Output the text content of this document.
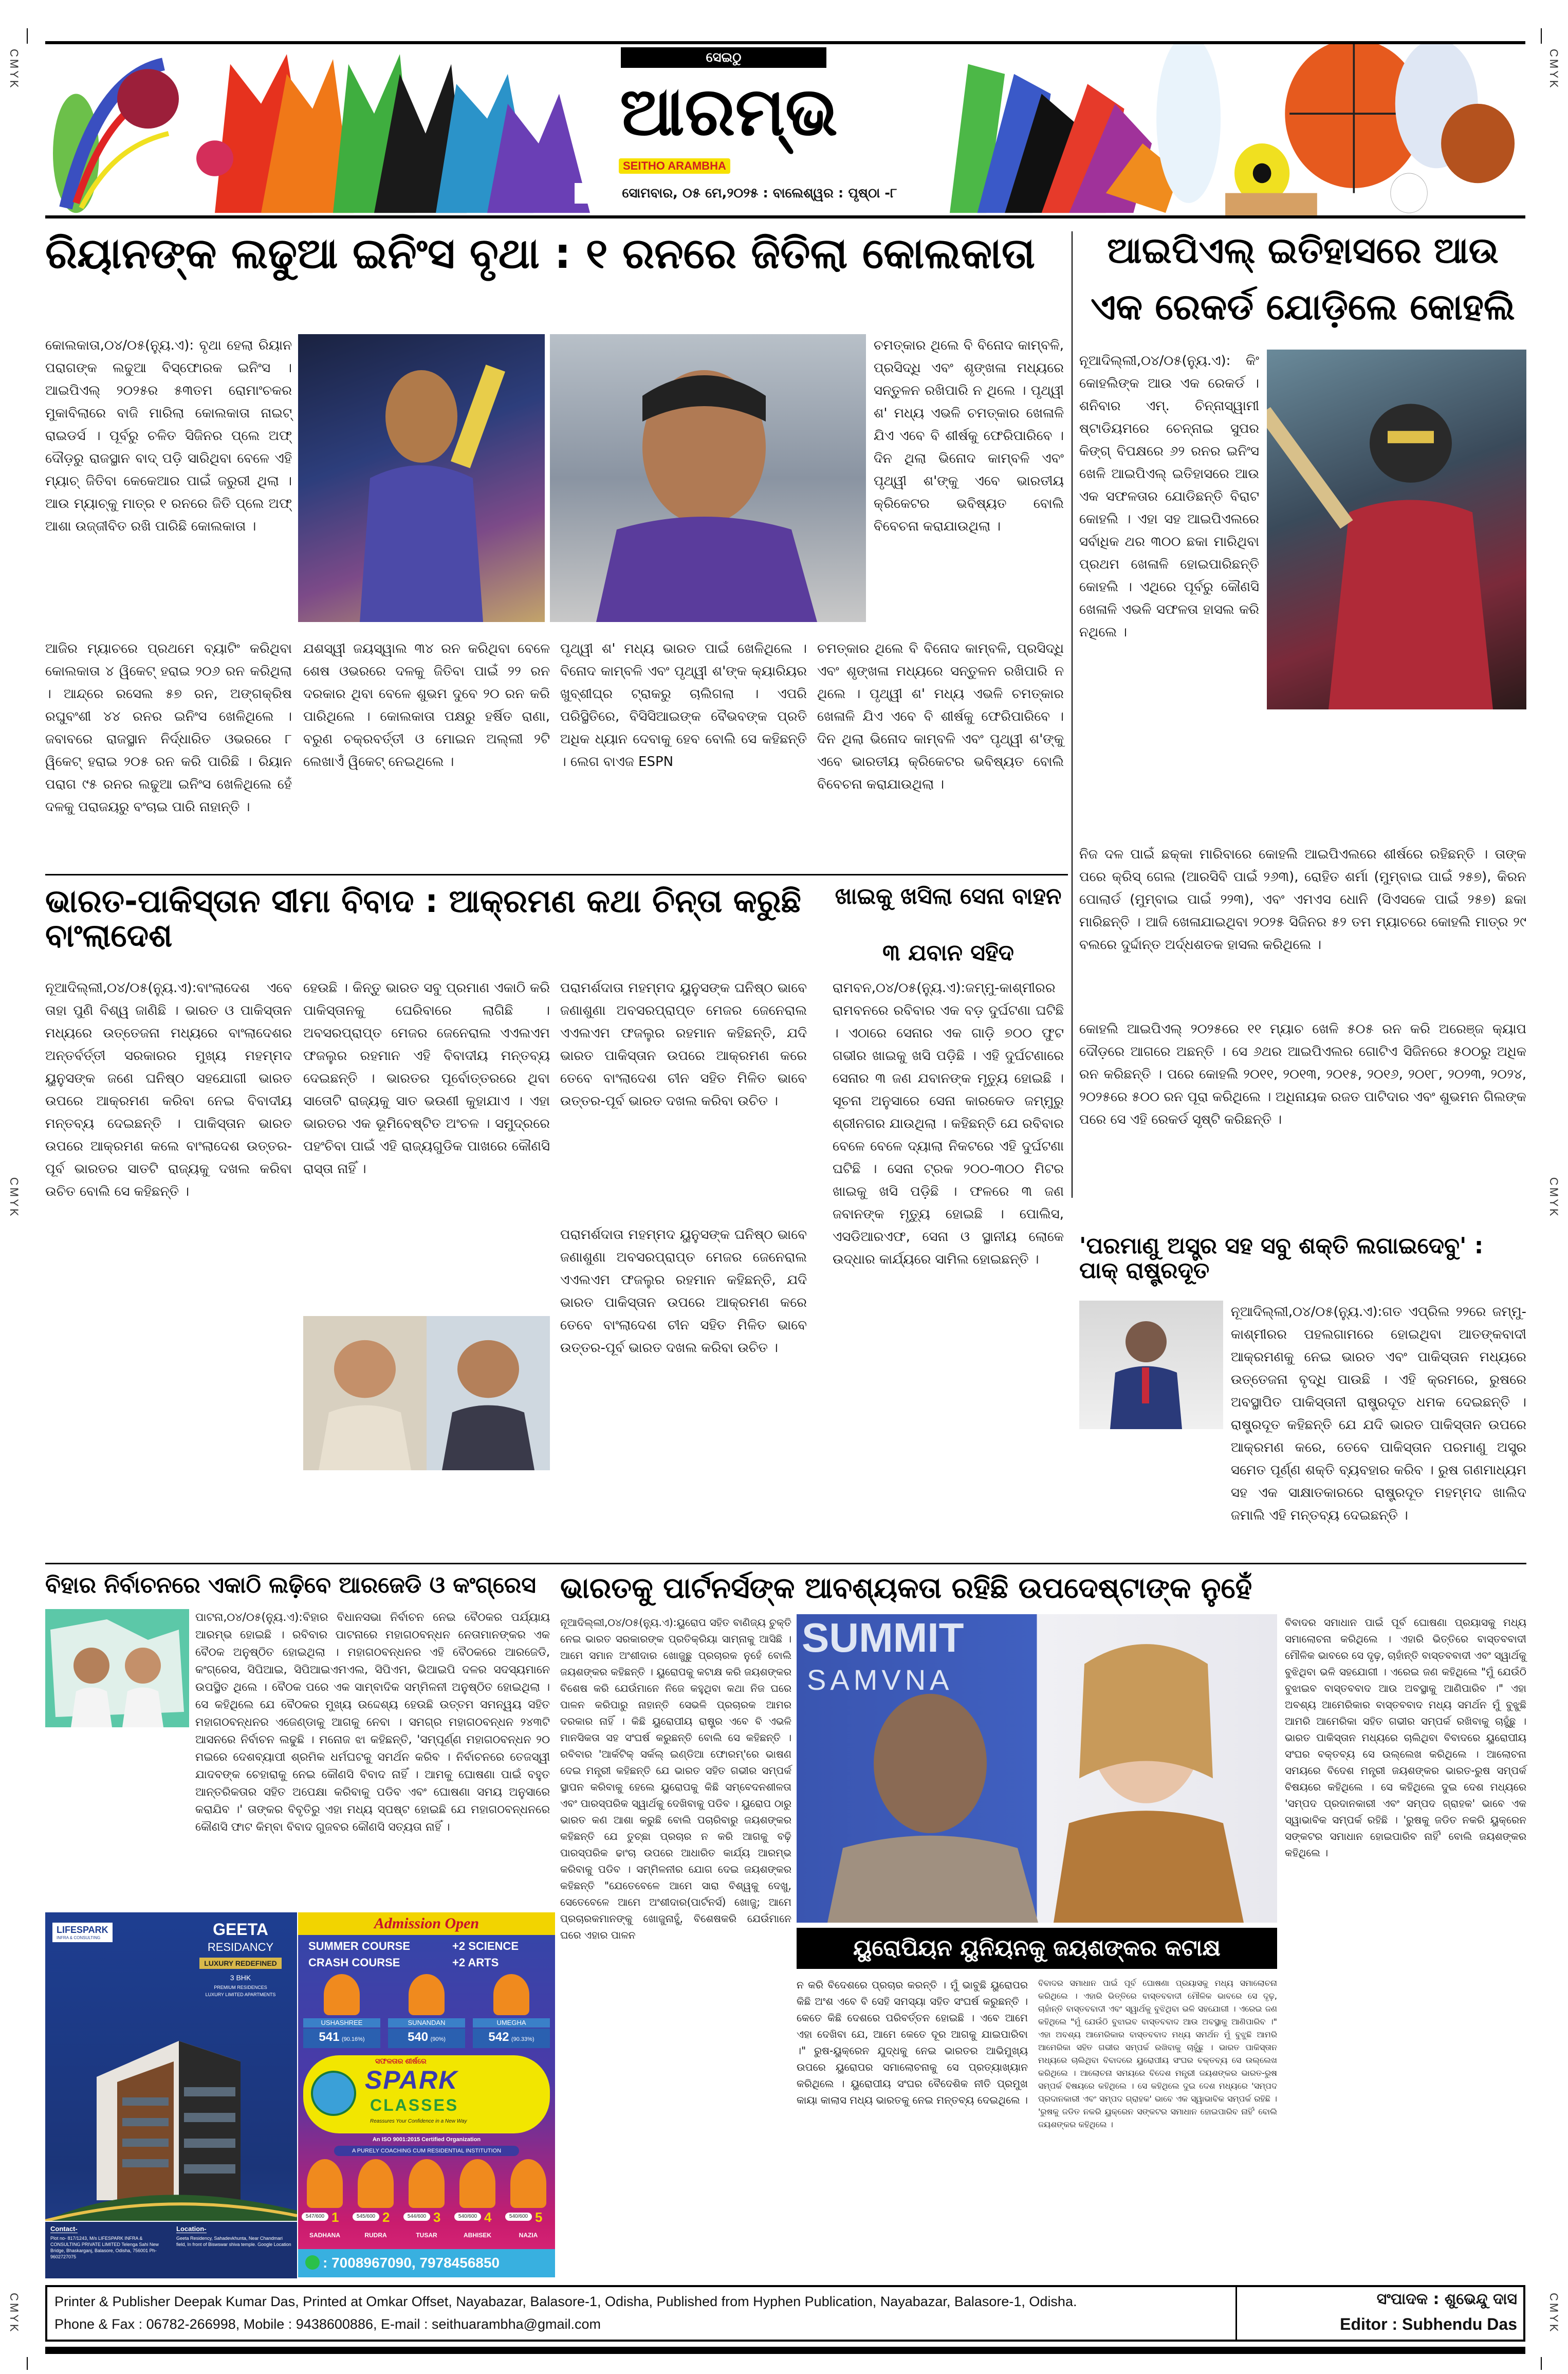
CMYK	CMYK
CMYK	CMYK
CMYK	CMYK
ସେଇଠୁ
ଆରମ୍ଭ
SEITHO ARAMBHA
ସୋମବାର, ୦୫ ମେ,୨୦୨୫ : ବାଲେଶ୍ୱର : ପୃଷ୍ଠା -୮
ରିୟାନଙ୍କ ଲଢୁଆ ଇନିଂସ ବୃଥା : ୧ ରନରେ ଜିତିଲା କୋଲକାତା	ଆଇପିଏଲ୍ ଇତିହାସରେ ଆଉ
ଏକ ରେକର୍ଡ ଯୋଡ଼ିଲେ କୋହଲି
କୋଲକାତା,୦୪/୦୫(ନ୍ୟୁ.ଏ): ବୃଥା ହେଲା ରିୟାନ ପରାଗଙ୍କ ଲଢୁଆ ବିସ୍ଫୋରକ ଇନିଂସ । ଆଇପିଏଲ୍ ୨୦୨୫ର ୫୩ତମ ରୋମାଂଚକର ମୁକାବିଲାରେ ବାଜି ମାରିଲା କୋଲକାତା ନାଇଟ୍ ରାଇଡର୍ସ । ପୂର୍ବରୁ ଚଳିତ ସିଜିନର ପ୍ଲେ ଅଫ୍ ଦୌଡ଼ରୁ ରାଜସ୍ଥାନ ବାଦ୍ ପଡ଼ି ସାରିଥିବା ବେଳେ ଏହି ମ୍ୟାଚ୍ ଜିତିବା କେକେଆର ପାଇଁ ଜରୁରୀ ଥିଲା । ଆଉ ମ୍ୟାଚ୍‌କୁ ମାତ୍ର ୧ ରନରେ ଜିତି ପ୍ଲେ ଅଫ୍ ଆଶା ଉଜ୍ଜୀବିତ ରଖି ପାରିଛି କୋଲକାତା ।
ଚମତ୍କାର ଥିଲେ ବି ବିନୋଦ କାମ୍ବଳି, ପ୍ରସିଦ୍ଧି ଏବଂ ଶୃଙ୍ଖଳା ମଧ୍ୟରେ ସନ୍ତୁଳନ ରଖିପାରି ନ ଥିଲେ । ପୃଥ୍ୱୀ ଶ' ମଧ୍ୟ ଏଭଳି ଚମତ୍କାର ଖେଳାଳି ଯିଏ ଏବେ ବି ଶୀର୍ଷକୁ ଫେରିପାରିବେ । ଦିନ ଥିଲା ଭିନୋଦ କାମ୍ବଳି ଏବଂ ପୃଥ୍ୱୀ ଶ'ଙ୍କୁ ଏବେ ଭାରତୀୟ କ୍ରିକେଟର ଭବିଷ୍ୟତ ବୋଲି ବିବେଚନା କରାଯାଉଥିଲା ।
ଆଜିର ମ୍ୟାଚରେ ପ୍ରଥମେ ବ୍ୟାଟିଂ କରିଥିବା କୋଲକାତା ୪ ୱିକେଟ୍ ହରାଇ ୨୦୬ ରନ କରିଥିଲା । ଆନ୍ଦ୍ରେ ରସେଲ ୫୭ ରନ, ଅଙ୍ଗକ୍ରିଷ ରଘୁବଂଶୀ ୪୪ ରନର ଇନିଂସ ଖେଳିଥିଲେ । ଜବାବରେ ରାଜସ୍ଥାନ ନିର୍ଦ୍ଧାରିତ ଓଭରରେ ୮ ୱିକେଟ୍ ହରାଇ ୨୦୫ ରନ କରି ପାରିଛି । ରିୟାନ ପରାଗ ୯୫ ରନର ଲଢୁଆ ଇନିଂସ ଖେଳିଥିଲେ ହେଁ ଦଳକୁ ପରାଜୟରୁ ବଂଚାଇ ପାରି ନାହାନ୍ତି ।
ଯଶସ୍ୱୀ ଜୟସ୍ୱାଲ ୩୪ ରନ କରିଥିବା ବେଳେ ଶେଷ ଓଭରରେ ଦଳକୁ ଜିତିବା ପାଇଁ ୨୨ ରନ ଦରକାର ଥିବା ବେଳେ ଶୁଭମ ଦୁବେ ୨୦ ରନ କରି ପାରିଥିଲେ । କୋଲକାତା ପକ୍ଷରୁ ହର୍ଷିତ ରାଣା, ବରୁଣ ଚକ୍ରବର୍ତ୍ତୀ ଓ ମୋଇନ ଅଲ୍ଲୀ ୨ଟି ଲେଖାଏଁ ୱିକେଟ୍ ନେଇଥିଲେ ।
ପୃଥ୍ୱୀ ଶ' ମଧ୍ୟ ଭାରତ ପାଇଁ ଖେଳିଥିଲେ । ବିନୋଦ କାମ୍ବଳି ଏବଂ ପୃଥ୍ୱୀ ଶ'ଙ୍କ କ୍ୟାରିୟର ଖୁବ୍‌ଶୀଘ୍ର ଟ୍ରାକରୁ ଚାଲିଗଲା । ଏପରି ପରିସ୍ଥିତିରେ, ବିସିସିଆଇଙ୍କ ବୈଭବଙ୍କ ପ୍ରତି ଅଧିକ ଧ୍ୟାନ ଦେବାକୁ ହେବ ବୋଲି ସେ କହିଛନ୍ତି । ଲେଗ ବାଏଜ ESPN
ଚମତ୍କାର ଥିଲେ ବି ବିନୋଦ କାମ୍ବଳି, ପ୍ରସିଦ୍ଧି ଏବଂ ଶୃଙ୍ଖଳା ମଧ୍ୟରେ ସନ୍ତୁଳନ ରଖିପାରି ନ ଥିଲେ । ପୃଥ୍ୱୀ ଶ' ମଧ୍ୟ ଏଭଳି ଚମତ୍କାର ଖେଳାଳି ଯିଏ ଏବେ ବି ଶୀର୍ଷକୁ ଫେରିପାରିବେ । ଦିନ ଥିଲା ଭିନୋଦ କାମ୍ବଳି ଏବଂ ପୃଥ୍ୱୀ ଶ'ଙ୍କୁ ଏବେ ଭାରତୀୟ କ୍ରିକେଟର ଭବିଷ୍ୟତ ବୋଲି ବିବେଚନା କରାଯାଉଥିଲା ।
ନୂଆଦିଲ୍ଲୀ,୦୪/୦୫(ନ୍ୟୁ.ଏ): କିଂ କୋହଲିଙ୍କ ଆଉ ଏକ ରେକର୍ଡ । ଶନିବାର ଏମ୍. ଚିନ୍ନାସ୍ୱାମୀ ଷ୍ଟାଡିୟମରେ ଚେନ୍ନାଇ ସୁପର କିଙ୍ଗ୍ ବିପକ୍ଷରେ ୬୨ ରନର ଇନିଂସ ଖେଳି ଆଇପିଏଲ୍ ଇତିହାସରେ ଆଉ ଏକ ସଫଳତାର ଯୋଡିଛନ୍ତି ବିରାଟ କୋହଲି । ଏହା ସହ ଆଇପିଏଲରେ ସର୍ବାଧିକ ଥର ୩୦୦ ଛକା ମାରିଥିବା ପ୍ରଥମ ଖେଳାଳି ହୋଇପାରିଛନ୍ତି କୋହଲି । ଏଥିରେ ପୂର୍ବରୁ କୌଣସି ଖେଳାଳି ଏଭଳି ସଫଳତା ହାସଲ କରି ନଥିଲେ ।
ନିଜ ଦଳ ପାଇଁ ଛକ୍କା ମାରିବାରେ କୋହଲି ଆଇପିଏଲରେ ଶୀର୍ଷରେ ରହିଛନ୍ତି । ତାଙ୍କ ପରେ କ୍ରିସ୍ ଗେଲ (ଆରସିବି ପାଇଁ ୨୬୩), ରୋହିତ ଶର୍ମା (ମୁମ୍ବାଇ ପାଇଁ ୨୫୭), କିରନ ପୋଲାର୍ଡ (ମୁମ୍ବାଇ ପାଇଁ ୨୨୩), ଏବଂ ଏମଏସ ଧୋନି (ସିଏସକେ ପାଇଁ ୨୫୭) ଛକା ମାରିଛନ୍ତି । ଆଜି ଖେଳାଯାଇଥିବା ୨୦୨୫ ସିଜିନର ୫୨ ତମ ମ୍ୟାଚରେ କୋହଲି ମାତ୍ର ୨୯ ବଲରେ ଦୁର୍ଦ୍ଦାନ୍ତ ଅର୍ଦ୍ଧଶତକ ହାସଲ କରିଥିଲେ ।
କୋହଲି ଆଇପିଏଲ୍ ୨୦୨୫ରେ ୧୧ ମ୍ୟାଚ ଖେଳି ୫୦୫ ରନ କରି ଅରେଞ୍ଜ କ୍ୟାପ ଦୌଡ଼ରେ ଆଗରେ ଅଛନ୍ତି । ସେ ୬ଥର ଆଇପିଏଲର ଗୋଟିଏ ସିଜିନରେ ୫୦୦ରୁ ଅଧିକ ରନ କରିଛନ୍ତି । ପରେ କୋହଲି ୨୦୧୧, ୨୦୧୩, ୨୦୧୫, ୨୦୧୬, ୨୦୧୮, ୨୦୨୩, ୨୦୨୪, ୨୦୨୫ରେ ୫୦୦ ରନ ପୂରା କରିଥିଲେ । ଅଧିନାୟକ ରଜତ ପାଟିଦାର ଏବଂ ଶୁଭମନ ଗିଲଙ୍କ ପରେ ସେ ଏହି ରେକର୍ଡ ସୃଷ୍ଟି କରିଛନ୍ତି ।
ଭାରତ-ପାକିସ୍ତାନ ସୀମା ବିବାଦ : ଆକ୍ରମଣ କଥା ଚିନ୍ତା କରୁଛି ବାଂଲାଦେଶ
ଖାଇକୁ ଖସିଲା ସେନା ବାହନ
୩ ଯବାନ ସହିଦ
ନୂଆଦିଲ୍ଲୀ,୦୪/୦୫(ନ୍ୟୁ.ଏ):ବାଂଲାଦେଶ ଏବେ ତାହା ପୁଣି ବିଶ୍ୱ ଜାଣିଛି । ଭାରତ ଓ ପାକିସ୍ତାନ ମଧ୍ୟରେ ଉତ୍ତେଜନା ମଧ୍ୟରେ ବାଂଲାଦେଶର ଅନ୍ତର୍ବର୍ତ୍ତୀ ସରକାରର ମୁଖ୍ୟ ମହମ୍ମଦ ୟୁନୁସଙ୍କ ଜଣେ ଘନିଷ୍ଠ ସହଯୋଗୀ ଭାରତ ଉପରେ ଆକ୍ରମଣ କରିବା ନେଇ ବିବାଦୀୟ ମନ୍ତବ୍ୟ ଦେଇଛନ୍ତି । ପାକିସ୍ତାନ ଭାରତ ଉପରେ ଆକ୍ରମଣ କଲେ ବାଂଲାଦେଶ ଉତ୍ତର-ପୂର୍ବ ଭାରତର ସାତଟି ରାଜ୍ୟକୁ ଦଖଲ କରିବା ଉଚିତ ବୋଲି ସେ କହିଛନ୍ତି ।
ହେଉଛି । କିନ୍ତୁ ଭାରତ ସବୁ ପ୍ରମାଣ ଏକାଠି କରି ପାକିସ୍ତାନକୁ ଘେରିବାରେ ଲାଗିଛି । ଅବସରପ୍ରାପ୍ତ ମେଜର ଜେନେରାଲ ଏଏଲଏମ ଫଜଲୁର ରହମାନ ଏହି ବିବାଦୀୟ ମନ୍ତବ୍ୟ ଦେଇଛନ୍ତି । ଭାରତର ପୂର୍ବୋତ୍ତରରେ ଥିବା ସାତୋଟି ରାଜ୍ୟକୁ ସାତ ଭଉଣୀ କୁହାଯାଏ । ଏହା ଭାରତର ଏକ ଭୂମିବେଷ୍ଟିତ ଅଂଚଳ । ସମୁଦ୍ରରେ ପହଂଚିବା ପାଇଁ ଏହି ରାଜ୍ୟଗୁଡିକ ପାଖରେ କୌଣସି ରାସ୍ତା ନାହିଁ ।
ପରାମର୍ଶଦାତା ମହମ୍ମଦ ୟୁନୁସଙ୍କ ଘନିଷ୍ଠ ଭାବେ ଜଣାଶୁଣା ଅବସରପ୍ରାପ୍ତ ମେଜର ଜେନେରାଲ ଏଏଲଏମ ଫଜଲୁର ରହମାନ କହିଛନ୍ତି, ଯଦି ଭାରତ ପାକିସ୍ତାନ ଉପରେ ଆକ୍ରମଣ କରେ ତେବେ ବାଂଲାଦେଶ ଚୀନ ସହିତ ମିଳିତ ଭାବେ ଉତ୍ତର-ପୂର୍ବ ଭାରତ ଦଖଲ କରିବା ଉଚିତ ।
ପରାମର୍ଶଦାତା ମହମ୍ମଦ ୟୁନୁସଙ୍କ ଘନିଷ୍ଠ ଭାବେ ଜଣାଶୁଣା ଅବସରପ୍ରାପ୍ତ ମେଜର ଜେନେରାଲ ଏଏଲଏମ ଫଜଲୁର ରହମାନ କହିଛନ୍ତି, ଯଦି ଭାରତ ପାକିସ୍ତାନ ଉପରେ ଆକ୍ରମଣ କରେ ତେବେ ବାଂଲାଦେଶ ଚୀନ ସହିତ ମିଳିତ ଭାବେ ଉତ୍ତର-ପୂର୍ବ ଭାରତ ଦଖଲ କରିବା ଉଚିତ ।
ରାମବନ,୦୪/୦୫(ନ୍ୟୁ.ଏ):ଜମ୍ମୁ-କାଶ୍ମୀରର ରାମବନରେ ରବିବାର ଏକ ବଡ଼ ଦୁର୍ଘଟଣା ଘଟିଛି । ଏଠାରେ ସେନାର ଏକ ଗାଡ଼ି ୭୦୦ ଫୁଟ ଗଭୀର ଖାଇକୁ ଖସି ପଡ଼ିଛି । ଏହି ଦୁର୍ଘଟଣାରେ ସେନାର ୩ ଜଣ ଯବାନଙ୍କ ମୃତ୍ୟୁ ହୋଇଛି । ସୂଚନା ଅନୁସାରେ ସେନା କାରକେଡ ଜମ୍ମୁରୁ ଶ୍ରୀନଗର ଯାଉଥିଲା । କହିଛନ୍ତି ଯେ ରବିବାର ବେଳେ ବେଳେ ଦ୍ୟାଲା ନିକଟରେ ଏହି ଦୁର୍ଘଟଣା ଘଟିଛି । ସେନା ଟ୍ରକ ୨୦୦-୩୦୦ ମିଟର ଖାଇକୁ ଖସି ପଡ଼ିଛି । ଫଳରେ ୩ ଜଣ ଜବାନଙ୍କ ମୃତ୍ୟୁ ହୋଇଛି । ପୋଲିସ, ଏସଡିଆରଏଫ, ସେନା ଓ ସ୍ଥାନୀୟ ଲୋକେ ଉଦ୍ଧାର କାର୍ଯ୍ୟରେ ସାମିଲ ହୋଇଛନ୍ତି ।
'ପରମାଣୁ ଅସ୍ତ୍ର ସହ ସବୁ ଶକ୍ତି ଲଗାଇଦେବୁ' : ପାକ୍ ରାଷ୍ଟ୍ରଦୂତ
ନୂଆଦିଲ୍ଲୀ,୦୪/୦୫(ନ୍ୟୁ.ଏ):ଗତ ଏପ୍ରିଲ ୨୨ରେ ଜମ୍ମୁ-କାଶ୍ମୀରର ପହଲଗାମରେ ହୋଇଥିବା ଆତଙ୍କବାଦୀ ଆକ୍ରମଣକୁ ନେଇ ଭାରତ ଏବଂ ପାକିସ୍ତାନ ମଧ୍ୟରେ ଉତ୍ତେଜନା ବୃଦ୍ଧି ପାଉଛି । ଏହି କ୍ରମରେ, ରୁଷରେ ଅବସ୍ଥାପିତ ପାକିସ୍ତାନୀ ରାଷ୍ଟ୍ରଦୂତ ଧମକ ଦେଇଛନ୍ତି । ରାଷ୍ଟ୍ରଦୂତ କହିଛନ୍ତି ଯେ ଯଦି ଭାରତ ପାକିସ୍ତାନ ଉପରେ ଆକ୍ରମଣ କରେ, ତେବେ ପାକିସ୍ତାନ ପରମାଣୁ ଅସ୍ତ୍ର ସମେତ ପୂର୍ଣ୍ଣ ଶକ୍ତି ବ୍ୟବହାର କରିବ । ରୁଷ ଗଣମାଧ୍ୟମ ସହ ଏକ ସାକ୍ଷାତକାରରେ ରାଷ୍ଟ୍ରଦୂତ ମହମ୍ମଦ ଖାଲିଦ ଜମାଲି ଏହି ମନ୍ତବ୍ୟ ଦେଇଛନ୍ତି ।
ବିହାର ନିର୍ବାଚନରେ ଏକାଠି ଲଢ଼ିବେ ଆରଜେଡି ଓ କଂଗ୍ରେସ
ପାଟନା,୦୪/୦୫(ନ୍ୟୁ.ଏ):ବିହାର ବିଧାନସଭା ନିର୍ବାଚନ ନେଇ ବୈଠକର ପର୍ଯ୍ୟାୟ ଆରମ୍ଭ ହୋଇଛି । ରବିବାର ପାଟନାରେ ମହାଗଠବନ୍ଧନ ନେତାମାନଙ୍କର ଏକ ବୈଠକ ଅନୁଷ୍ଠିତ ହୋଇଥିଲା । ମହାଗଠବନ୍ଧନର ଏହି ବୈଠକରେ ଆରଜେଡି, କଂଗ୍ରେସ, ସିପିଆଇ, ସିପିଆଇଏମଏଲ, ସିପିଏମ, ଭିଆଇପି ଦଳର ସଦସ୍ୟମାନେ ଉପସ୍ଥିତ ଥିଲେ । ବୈଠକ ପରେ ଏକ ସାମ୍ବାଦିକ ସମ୍ମିଳନୀ ଅନୁଷ୍ଠିତ ହୋଇଥିଲା । ସେ କହିଥିଲେ ଯେ ବୈଠକର ମୁଖ୍ୟ ଉଦ୍ଦେଶ୍ୟ ହେଉଛି ଉତ୍ତମ ସମନ୍ୱୟ ସହିତ ମହାଗଠବନ୍ଧନର ଏଜେଣ୍ଡାକୁ ଆଗକୁ ନେବା । ସମଗ୍ର ମହାଗଠବନ୍ଧନ ୨୪୩ଟି ଆସନରେ ନିର୍ବାଚନ ଲଢୁଛି । ମନୋଜ ଝା କହିଛନ୍ତି, 'ସମ୍ପୂର୍ଣ୍ଣ ମହାଗଠବନ୍ଧନ ୨୦ ମଇରେ ଦେଶବ୍ୟାପୀ ଶ୍ରମିକ ଧର୍ମଘଟକୁ ସମର୍ଥନ କରିବ । ନିର୍ବାଚନରେ ତେଜସ୍ୱୀ ଯାଦବଙ୍କ ଚେହାରାକୁ ନେଇ କୌଣସି ବିବାଦ ନାହିଁ । ଆମକୁ ଘୋଷଣା ପାଇଁ ବହୁତ ଆନ୍ତରିକତାର ସହିତ ଅପେକ୍ଷା କରିବାକୁ ପଡିବ ଏବଂ ଘୋଷଣା ସମୟ ଅନୁସାରେ କରାଯିବ ।' ତାଙ୍କର ବିବୃତିରୁ ଏହା ମଧ୍ୟ ସ୍ପଷ୍ଟ ହୋଇଛି ଯେ ମହାଗଠବନ୍ଧନରେ କୌଣସି ଫାଟ କିମ୍ବା ବିବାଦ ଗୁଜବର କୌଣସି ସତ୍ୟତା ନାହିଁ ।
ଭାରତକୁ ପାର୍ଟନର୍ସଙ୍କ ଆବଶ୍ୟକତା ରହିଛି ଉପଦେଷ୍ଟାଙ୍କ ନୁହେଁ
ନୂଆଦିଲ୍ଲୀ,୦୪/୦୫(ନ୍ୟୁ.ଏ):ୟୁରୋପ ସହିତ ବାଣିଜ୍ୟ ଚୁକ୍ତି ନେଇ ଭାରତ ସରକାରଙ୍କ ପ୍ରତିକ୍ରିୟା ସାମ୍ନାକୁ ଆସିଛି । ଆମେ ସମାନ ଅଂଶୀଦାର ଖୋଜୁଛୁ ପ୍ରଚାରକ ନୁହେଁ ବୋଲି ଜୟଶଙ୍କର କହିଛନ୍ତି । ୟୁରୋପକୁ କଟାକ୍ଷ କରି ଜୟଶଙ୍କର ବିଶେଷ କରି ଯେଉଁମାନେ ନିଜେ କହୁଥିବା କଥା ନିଜ ଘରେ ପାଳନ କରିପାରୁ ନାହାନ୍ତି ସେଭଳି ପ୍ରଚାରକ ଆମର ଦରକାର ନାହିଁ । କିଛି ୟୁରୋପୀୟ ରାଷ୍ଟ୍ର ଏବେ ବି ଏଭଳି ମାନସିକତା ସହ ସଂଘର୍ଷ କରୁଛନ୍ତି ବୋଲି ସେ କହିଛନ୍ତି । ରବିବାର 'ଆର୍କଟିକ୍ ସର୍କଲ୍ ଇଣ୍ଡିଆ ଫୋରମ୍'ରେ ଭାଷଣ ଦେଇ ମନ୍ତ୍ରୀ କହିଛନ୍ତି ଯେ ଭାରତ ସହିତ ଗଭୀର ସମ୍ପର୍କ ସ୍ଥାପନ କରିବାକୁ ହେଲେ ୟୁରୋପକୁ କିଛି ସମ୍ବେଦନଶୀଳତା ଏବଂ ପାରସ୍ପରିକ ସ୍ୱାର୍ଥକୁ ଦେଖିବାକୁ ପଡିବ । ୟୁରୋପ ଠାରୁ ଭାରତ କଣ ଆଶା କରୁଛି ବୋଲି ପଚାରିବାରୁ ଜୟଶଙ୍କର କହିଛନ୍ତି ଯେ ତୁଚ୍ଛା ପ୍ରଚାର ନ କରି ଆଗକୁ ବଢ଼ି ପାରସ୍ପରିକ ଢାଂଚା ଉପରେ ଆଧାରିତ କାର୍ଯ୍ୟ ଆରମ୍ଭ କରିବାକୁ ପଡିବ । ସମ୍ମିଳନୀର ଯୋଗ ଦେଇ ଜୟଶଙ୍କର କହିଛନ୍ତି "ଯେତେବେଳେ ଆମେ ସାରା ବିଶ୍ୱକୁ ଦେଖୁ, ସେତେବେଳେ ଆମେ ଅଂଶୀଦାର(ପାର୍ଟନର୍ସ) ଖୋଜୁ; ଆମେ ପ୍ରଚାରକମାନଙ୍କୁ ଖୋଜୁନାହୁଁ, ବିଶେଷକରି ଯେଉଁମାନେ ଘରେ ଏହାର ପାଳନ
SUMMIT
SAMVNA
ୟୁରୋପିୟନ ୟୁନିୟନକୁ ଜୟଶଙ୍କର କଟାକ୍ଷ
ନ କରି ବିଦେଶରେ ପ୍ରଚାର କରନ୍ତି । ମୁଁ ଭାବୁଛି ୟୁରୋପର କିଛି ଅଂଶ ଏବେ ବି ସେହି ସମସ୍ୟା ସହିତ ସଂଘର୍ଷ କରୁଛନ୍ତି । କେତେ କିଛି ଦେଶରେ ପରିବର୍ତ୍ତନ ହୋଇଛି । ଏବେ ଆମେ ଏହା ଦେଖିବା ଯେ, ଆମେ କେତେ ଦୂର ଆଗକୁ ଯାଇପାରିବା ।" ରୁଷ-ୟୁକ୍ରେନ ଯୁଦ୍ଧକୁ ନେଇ ଭାରତର ଆଭିମୁଖ୍ୟ ଉପରେ ୟୁରୋପର ସମାଲୋଚନାକୁ ସେ ପ୍ରତ୍ୟାଖ୍ୟାନ କରିଥିଲେ । ୟୁରୋପୀୟ ସଂଘର ବୈଦେଶିକ ନୀତି ପ୍ରମୁଖ କାୟା କାଲାସ ମଧ୍ୟ ଭାରତକୁ ନେଇ ମନ୍ତବ୍ୟ ଦେଇଥିଲେ ।
ବିବାଦର ସମାଧାନ ପାଇଁ ପୂର୍ବ ଘୋଷଣା ପ୍ରୟାସକୁ ମଧ୍ୟ ସମାଲୋଚନା କରିଥିଲେ । ଏହାରି ଭିତ୍ତିରେ ବାସ୍ତବବାଦୀ ମୌଳିକ ଭାବରେ ସେ ଦୃଢ଼, ଚାହାଁନ୍ତି ବାସ୍ତବବାଦୀ ଏବଂ ସ୍ୱାର୍ଥକୁ ବୁଝିଥିବା ଭଳି ସହଯୋଗୀ । ଏରେଇ ଜଣ କହିଥିଲେ "ମୁଁ ଯେଉଁଠି ବୁଝାଇବ ବାସ୍ତବବାଦ ଆଉ ଅବସ୍ଥାକୁ ଆଣିପାରିବ ।" ଏହା ଅବଶ୍ୟ ଆମେରିକାର ବାସ୍ତବବାଦ ମଧ୍ୟ ସମର୍ଥନ ମୁଁ ବୁଝୁଛି ଆମରି ଆମେରିକା ସହିତ ଗଭୀର ସମ୍ପର୍କ ରଖିବାକୁ ଚାହୁଁଛୁ । ଭାରତ ପାକିସ୍ତାନ ମଧ୍ୟରେ ଚାଲିଥିବା ବିବାଦରେ ୟୁରୋପୀୟ ସଂଘର ବକ୍ତବ୍ୟ ସେ ଉଲ୍ଲେଖ କରିଥିଲେ । ଆଲୋଚନା ସମୟରେ ବିଦେଶ ମନ୍ତ୍ରୀ ଜୟଶଙ୍କର ଭାରତ-ରୁଷ ସମ୍ପର୍କ ବିଷୟରେ କହିଥିଲେ । ସେ କହିଥିଲେ ଦୁଇ ଦେଶ ମଧ୍ୟରେ 'ସମ୍ପଦ ପ୍ରଦାନକାରୀ ଏବଂ ସମ୍ପଦ ଗ୍ରାହକ' ଭାବେ ଏକ ସ୍ୱାଭାବିକ ସମ୍ପର୍କ ରହିଛି । 'ରୁଷକୁ ଜଡିତ ନକରି ୟୁକ୍ରେନ ସଙ୍କଟର ସମାଧାନ ହୋଇପାରିବ ନାହିଁ' ବୋଲି ଜୟଶଙ୍କର କହିଥିଲେ ।
ବିବାଦର ସମାଧାନ ପାଇଁ ପୂର୍ବ ଘୋଷଣା ପ୍ରୟାସକୁ ମଧ୍ୟ ସମାଲୋଚନା କରିଥିଲେ । ଏହାରି ଭିତ୍ତିରେ ବାସ୍ତବବାଦୀ ମୌଳିକ ଭାବରେ ସେ ଦୃଢ଼, ଚାହାଁନ୍ତି ବାସ୍ତବବାଦୀ ଏବଂ ସ୍ୱାର୍ଥକୁ ବୁଝିଥିବା ଭଳି ସହଯୋଗୀ । ଏରେଇ ଜଣ କହିଥିଲେ "ମୁଁ ଯେଉଁଠି ବୁଝାଇବ ବାସ୍ତବବାଦ ଆଉ ଅବସ୍ଥାକୁ ଆଣିପାରିବ ।" ଏହା ଅବଶ୍ୟ ଆମେରିକାର ବାସ୍ତବବାଦ ମଧ୍ୟ ସମର୍ଥନ ମୁଁ ବୁଝୁଛି ଆମରି ଆମେରିକା ସହିତ ଗଭୀର ସମ୍ପର୍କ ରଖିବାକୁ ଚାହୁଁଛୁ । ଭାରତ ପାକିସ୍ତାନ ମଧ୍ୟରେ ଚାଲିଥିବା ବିବାଦରେ ୟୁରୋପୀୟ ସଂଘର ବକ୍ତବ୍ୟ ସେ ଉଲ୍ଲେଖ କରିଥିଲେ । ଆଲୋଚନା ସମୟରେ ବିଦେଶ ମନ୍ତ୍ରୀ ଜୟଶଙ୍କର ଭାରତ-ରୁଷ ସମ୍ପର୍କ ବିଷୟରେ କହିଥିଲେ । ସେ କହିଥିଲେ ଦୁଇ ଦେଶ ମଧ୍ୟରେ 'ସମ୍ପଦ ପ୍ରଦାନକାରୀ ଏବଂ ସମ୍ପଦ ଗ୍ରାହକ' ଭାବେ ଏକ ସ୍ୱାଭାବିକ ସମ୍ପର୍କ ରହିଛି । 'ରୁଷକୁ ଜଡିତ ନକରି ୟୁକ୍ରେନ ସଙ୍କଟର ସମାଧାନ ହୋଇପାରିବ ନାହିଁ' ବୋଲି ଜୟଶଙ୍କର କହିଥିଲେ ।
LIFESPARK
INFRA & CONSULTING	GEETA
RESIDANCY
LUXURY REDEFINED
3 BHK
PREMIUM RESIDENCES
LUXURY LIMITED APARTMENTS
Contact-
Plot no- 817/1243, M/s LIFESPARK INFRA & CONSULTING PRIVATE LIMITED Telenga Sahi New Bridge, Bhaskarganj, Balasore, Odisha, 756001 Ph-9602727075
Location-
Geeta Residency, Sahadevkhunta, Near Chandmari field, In front of Biswswar shiva temple. Google Location
Admission Open
SUMMER COURSE
CRASH COURSE
+2 SCIENCE
+2 ARTS
USHASHREE
541 (90.16%)
SUNANDAN
540 (90%)
UMEGHA
542 (90.33%)
ସଫଳତାର ଶୀର୍ଷରେ
SPARK
CLASSES
Reassures Your Confidence in a New Way
An ISO 9001:2015 Certified Organization
A PURELY COACHING CUM RESIDENTIAL INSTITUTION
547/600 1
SADHANA
545/600 2
RUDRA
544/600 3
TUSAR
540/600 4
ABHISEK
540/600 5
NAZIA
: 7008967090, 7978456850
Printer & Publisher Deepak Kumar Das, Printed at Omkar Offset, Nayabazar, Balasore-1, Odisha, Published from Hyphen Publication, Nayabazar, Balasore-1, Odisha.
Phone & Fax : 06782-266998, Mobile : 9438600886, E-mail : seithuarambha@gmail.com
ସଂପାଦକ : ଶୁଭେନ୍ଦୁ ଦାସ
Editor : Subhendu Das
